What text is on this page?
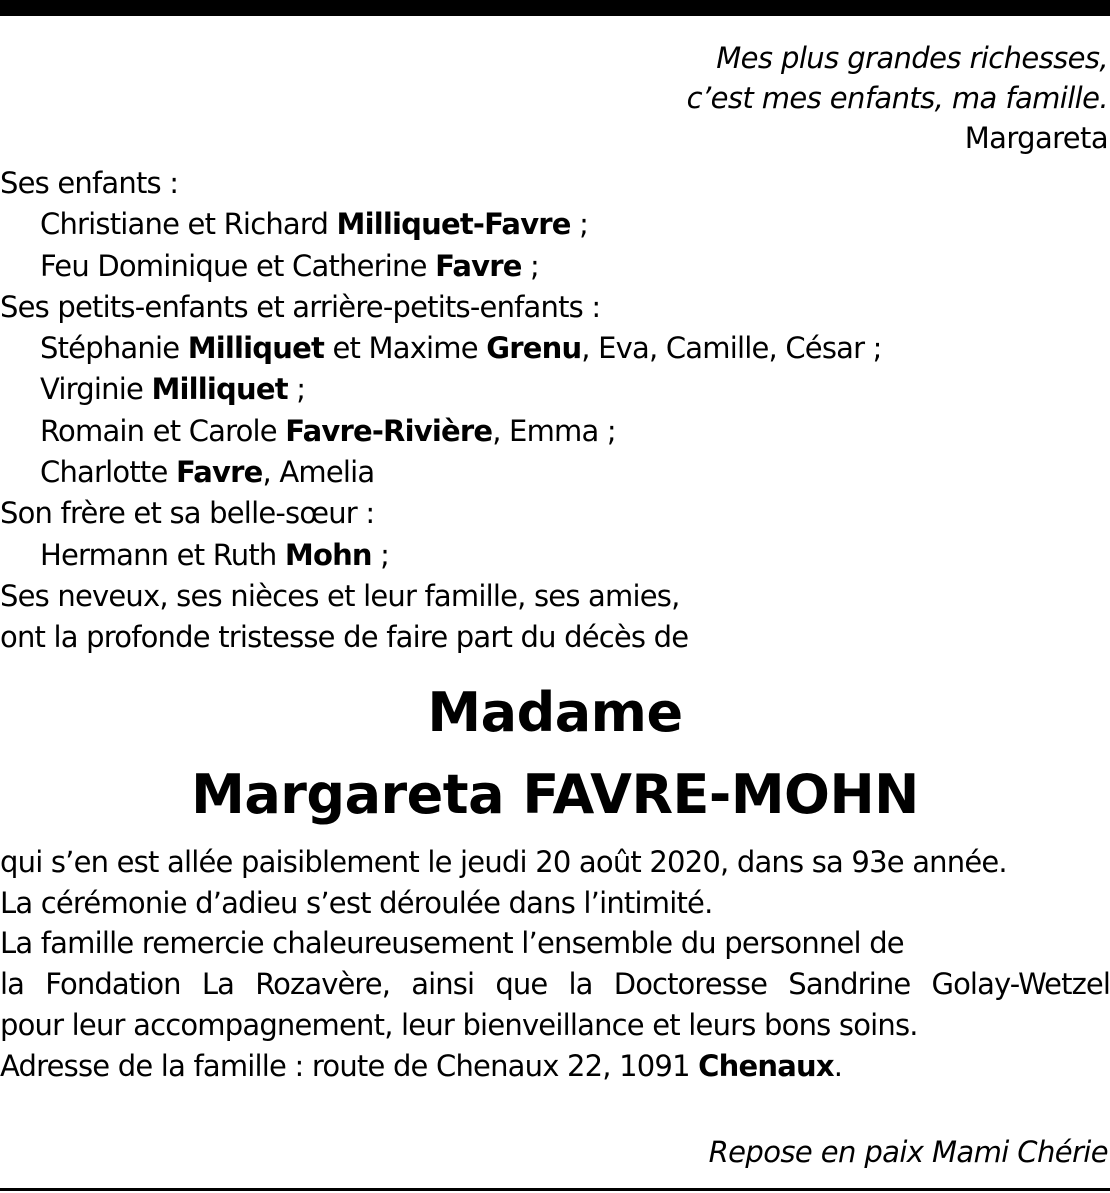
Mes plus grandes richesses,
c’est mes enfants, ma famille.
Margareta
Ses enfants :
Christiane et Richard Milliquet-Favre ;
Feu Dominique et Catherine Favre ;
Ses petits-enfants et arrière-petits-enfants :
Stéphanie Milliquet et Maxime Grenu, Eva, Camille, César ;
Virginie Milliquet ;
Romain et Carole Favre-Rivière, Emma ;
Charlotte Favre, Amelia
Son frère et sa belle-sœur :
Hermann et Ruth Mohn ;
Ses neveux, ses nièces et leur famille, ses amies,
ont la profonde tristesse de faire part du décès de
Madame
Margareta FAVRE-MOHN
qui s’en est allée paisiblement le jeudi 20 août 2020, dans sa 93e année.
La cérémonie d’adieu s’est déroulée dans l’intimité.
La famille remercie chaleureusement l’ensemble du personnel de
la Fondation La Rozavère, ainsi que la Doctoresse Sandrine Golay-Wetzel
pour leur accompagnement, leur bienveillance et leurs bons soins.
Adresse de la famille : route de Chenaux 22, 1091 Chenaux.
Repose en paix Mami Chérie
